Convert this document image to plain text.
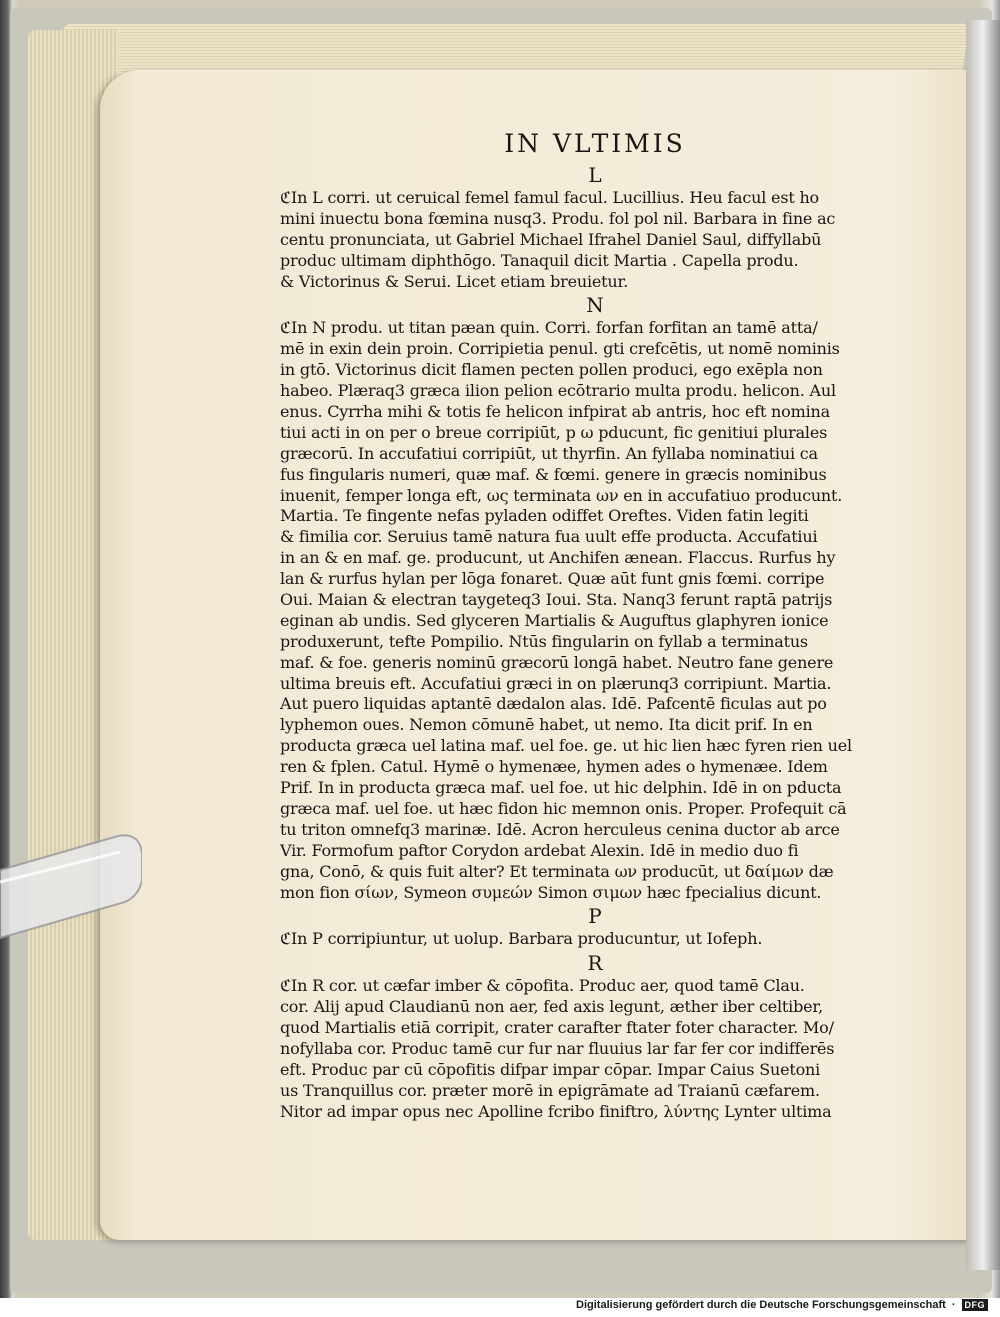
IN VLTIMIS
L
ℭIn L corri. ut ceruical femel famul facul. Lucillius. Heu facul est ho
mini inuectu bona fœmina nusq3. Produ. fol pol nil. Barbara in fine ac
centu pronunciata, ut Gabriel Michael Ifrahel Daniel Saul, diffyllabū
produc ultimam diphthōgo. Tanaquil dicit Martia . Capella produ.
& Victorinus & Serui. Licet etiam breuietur.
N
ℭIn N produ. ut titan pæan quin. Corri. forfan forfitan an tamē atta/
mē in exin dein proin. Corripietia penul. gti crefcētis, ut nomē nominis
in gtō. Victorinus dicit flamen pecten pollen produci, ego exēpla non
habeo. Plæraq3 græca ilion pelion ecōtrario multa produ. helicon. Aul
enus. Cyrrha mihi & totis fe helicon infpirat ab antris, hoc eft nomina
tiui acti in on per o breue corripiūt, p ω pducunt, fic genitiui plurales
græcorū. In accufatiui corripiūt, ut thyrfin. An fyllaba nominatiui ca
fus fingularis numeri, quæ maf. & fœmi. genere in græcis nominibus
inuenit, femper longa eft, ως terminata ων en in accufatiuo producunt.
Martia. Te fingente nefas pyladen odiffet Oreftes. Viden fatin legiti
& fimilia cor. Seruius tamē natura fua uult effe producta. Accufatiui
in an & en maf. ge. producunt, ut Anchifen ænean. Flaccus. Rurfus hy
lan & rurfus hylan per lōga fonaret. Quæ aūt funt gnis fœmi. corripe
Oui. Maian & electran taygeteq3 Ioui. Sta. Nanq3 ferunt raptā patrijs
eginan ab undis. Sed glyceren Martialis & Auguftus glaphyren ionice
produxerunt, tefte Pompilio. Ntūs fingularin on fyllab a terminatus
maf. & foe. generis nominū græcorū longā habet. Neutro fane genere
ultima breuis eft. Accufatiui græci in on plærunq3 corripiunt. Martia.
Aut puero liquidas aptantē dædalon alas. Idē. Pafcentē ficulas aut po
lyphemon oues. Nemon cōmunē habet, ut nemo. Ita dicit prif. In en
producta græca uel latina maf. uel foe. ge. ut hic lien hæc fyren rien uel
ren & fplen. Catul. Hymē o hymenæe, hymen ades o hymenæe. Idem
Prif. In in producta græca maf. uel foe. ut hic delphin. Idē in on pducta
græca maf. uel foe. ut hæc fidon hic memnon onis. Proper. Profequit cā
tu triton omnefq3 marinæ. Idē. Acron herculeus cenina ductor ab arce
Vir. Formofum paftor Corydon ardebat Alexin. Idē in medio duo fi
gna, Conō, & quis fuit alter? Et terminata ων producūt, ut δαίμων dæ
mon fion σίων, Symeon συμεών Simon σιμων hæc fpecialius dicunt.
P
ℭIn P corripiuntur, ut uolup. Barbara producuntur, ut Iofeph.
R
ℭIn R cor. ut cæfar imber & cōpofita. Produc aer, quod tamē Clau.
cor. Alij apud Claudianū non aer, fed axis legunt, æther iber celtiber,
quod Martialis etiā corripit, crater carafter ftater foter character. Mo/
nofyllaba cor. Produc tamē cur fur nar fluuius lar far fer cor indifferēs
eft. Produc par cū cōpofitis difpar impar cōpar. Impar Caius Suetoni
us Tranquillus cor. præter morē in epigrāmate ad Traianū cæfarem.
Nitor ad impar opus nec Apolline fcribo finiftro, λύντης Lynter ultima
Digitalisierung gefördert durch die Deutsche Forschungsgemeinschaft ·	DFG
